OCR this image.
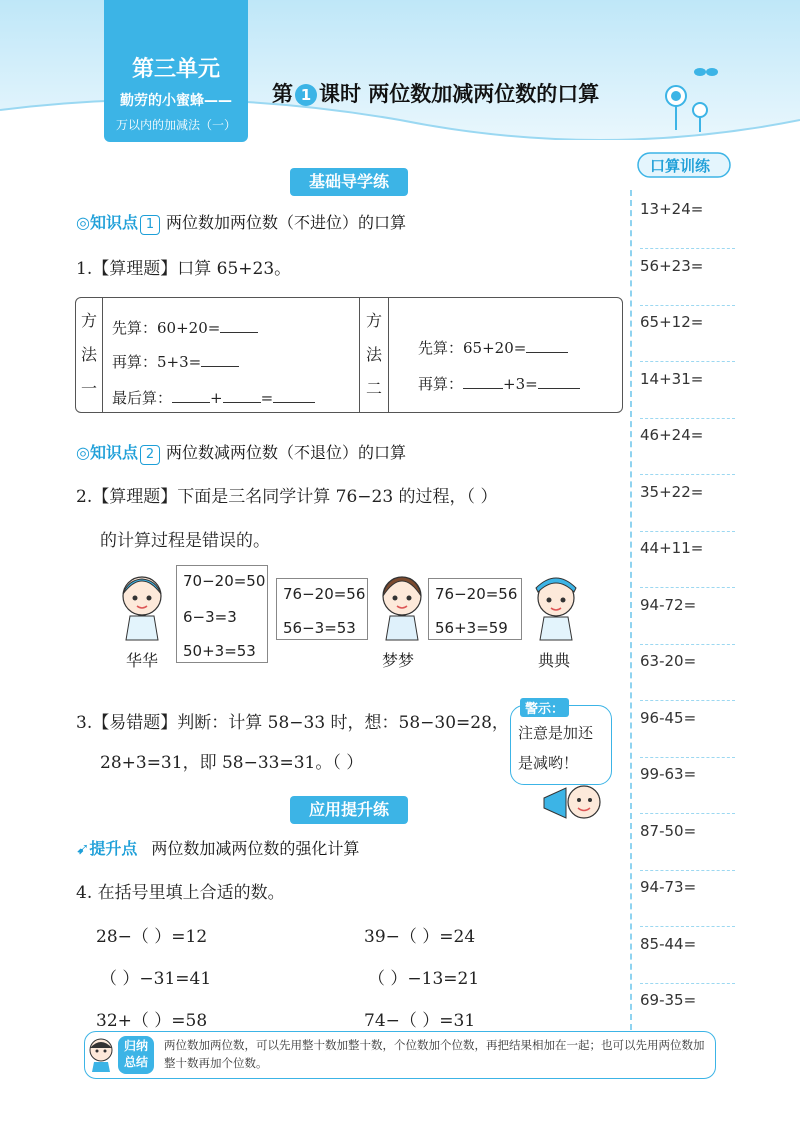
第三单元
勤劳的小蜜蜂——
万以内的加减法（一）
第 1 课时 两位数加减两位数的口算
口算训练
13+24=
56+23=
65+12=
14+31=
46+24=
35+22=
44+11=
94-72=
63-20=
96-45=
99-63=
87-50=
94-73=
85-44=
69-35=
基础导学练
◎知识点 1 两位数加两位数（不进位）的口算
1.【算理题】口算 65+23。
方
法
一
先算：60+20=
再算：5+3=
最后算：	+	=
方
法
二
先算：65+20=
再算：	+3=
◎知识点 2 两位数减两位数（不退位）的口算
2.【算理题】下面是三名同学计算 76−23 的过程，（ ）
的计算过程是错误的。
70−20=50
6−3=3
50+3=53
华华
76−20=56
56−3=53
梦梦
76−20=56
56+3=59
典典
3.【易错题】判断：计算 58−33 时，想：58−30=28，
28+3=31，即 58−33=31。（ ）
警示：
注意是加还
是减哟！
应用提升练
➹提升点 两位数加减两位数的强化计算
4. 在括号里填上合适的数。
28−（ ）=12	39−（ ）=24
（ ）−31=41	（ ）−13=21
32+（ ）=58	74−（ ）=31
归纳
总结
两位数加两位数，可以先用整十数加整十数，个位数加个位数，再把结果相加在一起；也可以先用两位数加整十数再加个位数。
